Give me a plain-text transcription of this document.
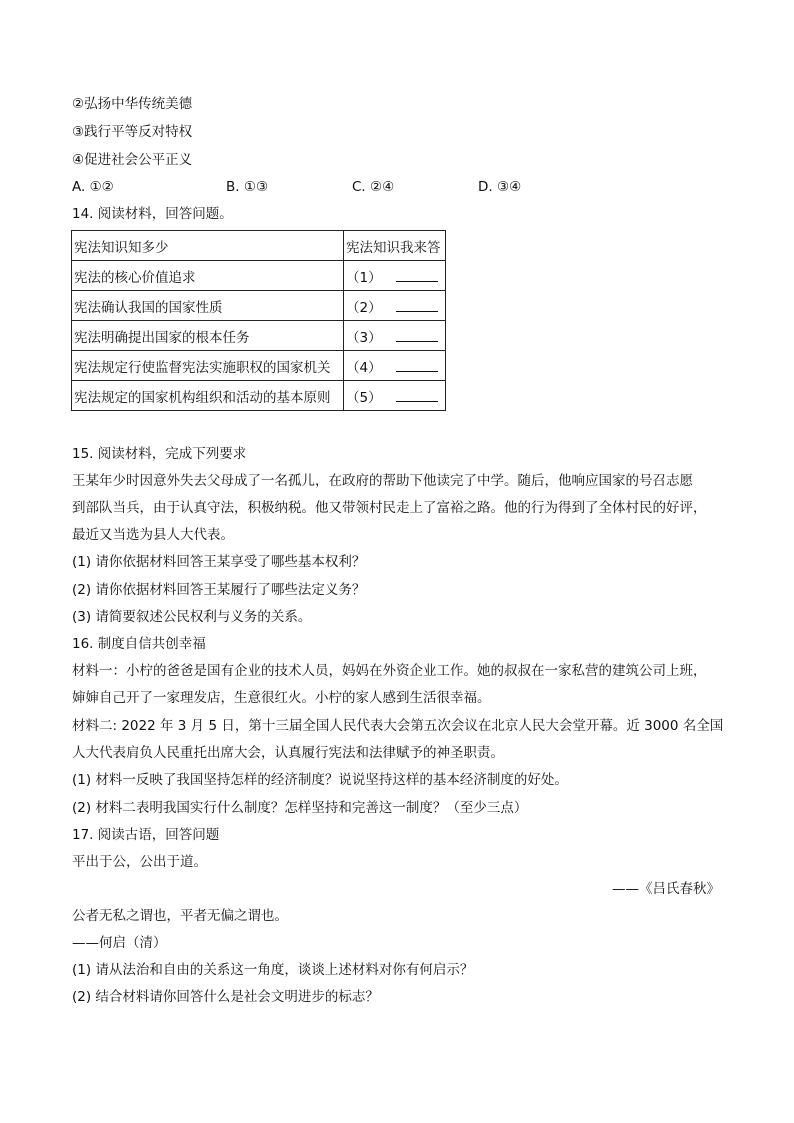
②弘扬中华传统美德
③践行平等反对特权
④促进社会公平正义
A. ①②	B. ①③	C. ②④	D. ③④
14. 阅读材料，回答问题。
宪法知识知多少	宪法知识我来答
宪法的核心价值追求	（1）
宪法确认我国的国家性质	（2）
宪法明确提出国家的根本任务	（3）
宪法规定行使监督宪法实施职权的国家机关	（4）
宪法规定的国家机构组织和活动的基本原则	（5）
15. 阅读材料，完成下列要求
王某年少时因意外失去父母成了一名孤儿，在政府的帮助下他读完了中学。随后，他响应国家的号召志愿
到部队当兵，由于认真守法，积极纳税。他又带领村民走上了富裕之路。他的行为得到了全体村民的好评，
最近又当选为县人大代表。
(1) 请你依据材料回答王某享受了哪些基本权利？
(2) 请你依据材料回答王某履行了哪些法定义务？
(3) 请简要叙述公民权利与义务的关系。
16. 制度自信共创幸福
材料一：小柠的爸爸是国有企业的技术人员，妈妈在外资企业工作。她的叔叔在一家私营的建筑公司上班，
婶婶自己开了一家理发店，生意很红火。小柠的家人感到生活很幸福。
材料二: 2022 年 3 月 5 日，第十三届全国人民代表大会第五次会议在北京人民大会堂开幕。近 3000 名全国
人大代表肩负人民重托出席大会，认真履行宪法和法律赋予的神圣职责。
(1) 材料一反映了我国坚持怎样的经济制度？说说坚持这样的基本经济制度的好处。
(2) 材料二表明我国实行什么制度？怎样坚持和完善这一制度？（至少三点）
17. 阅读古语，回答问题
平出于公，公出于道。
——《吕氏春秋》
公者无私之谓也，平者无偏之谓也。
——何启（清）
(1) 请从法治和自由的关系这一角度，谈谈上述材料对你有何启示？
(2) 结合材料请你回答什么是社会文明进步的标志？
